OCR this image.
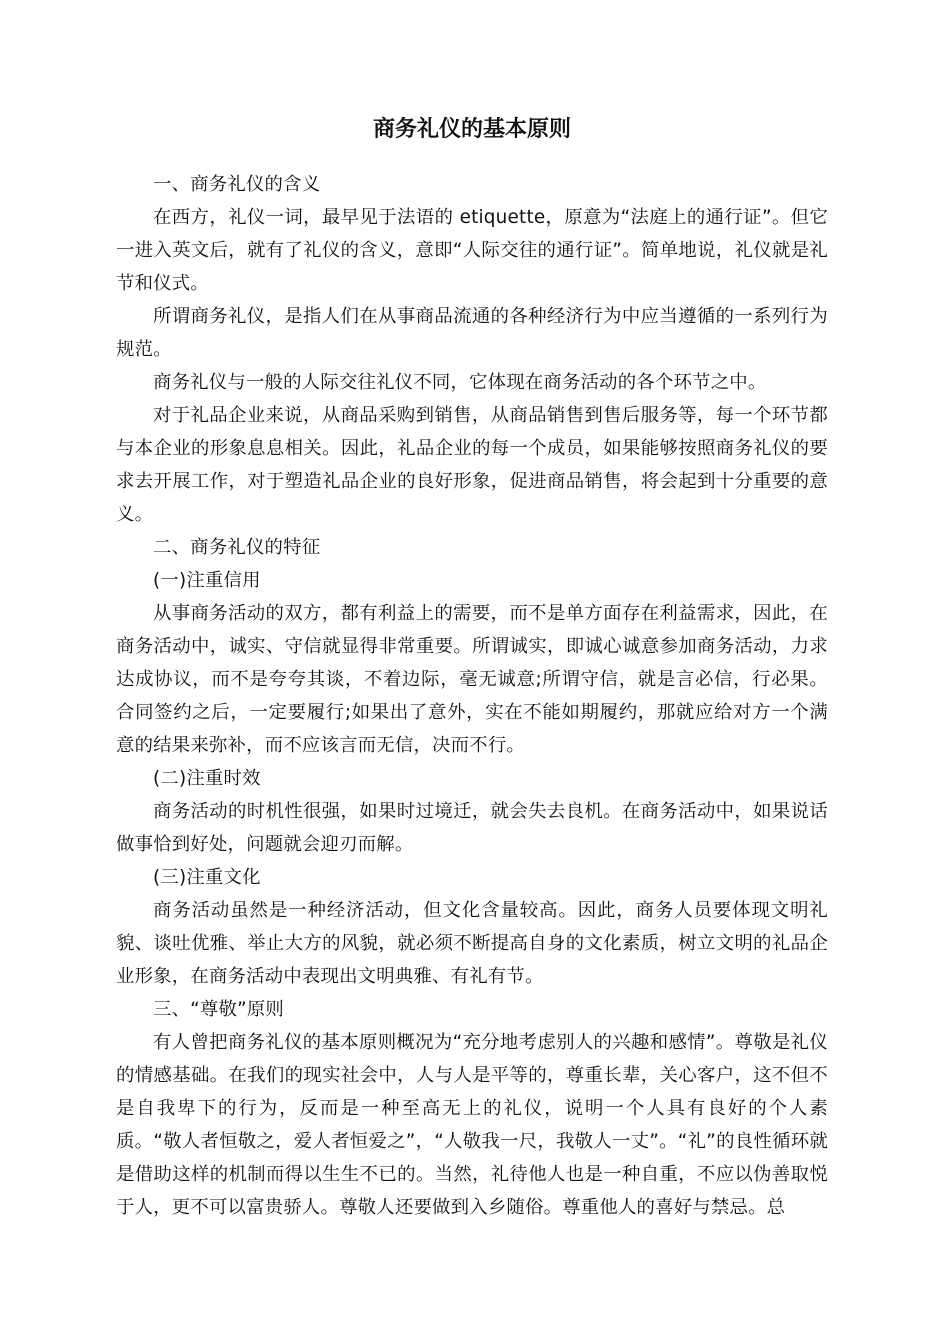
商务礼仪的基本原则

一、商务礼仪的含义

在西方，礼仪一词，最早见于法语的 etiquette，原意为“法庭上的通行证”。但它一进入英文后，就有了礼仪的含义，意即“人际交往的通行证”。简单地说，礼仪就是礼节和仪式。

所谓商务礼仪，是指人们在从事商品流通的各种经济行为中应当遵循的一系列行为规范。

商务礼仪与一般的人际交往礼仪不同，它体现在商务活动的各个环节之中。

对于礼品企业来说，从商品采购到销售，从商品销售到售后服务等，每一个环节都与本企业的形象息息相关。因此，礼品企业的每一个成员，如果能够按照商务礼仪的要求去开展工作，对于塑造礼品企业的良好形象，促进商品销售，将会起到十分重要的意义。

二、商务礼仪的特征

(一)注重信用

从事商务活动的双方，都有利益上的需要，而不是单方面存在利益需求，因此，在商务活动中，诚实、守信就显得非常重要。所谓诚实，即诚心诚意参加商务活动，力求达成协议，而不是夸夸其谈，不着边际，毫无诚意;所谓守信，就是言必信，行必果。合同签约之后，一定要履行;如果出了意外，实在不能如期履约，那就应给对方一个满意的结果来弥补，而不应该言而无信，决而不行。

(二)注重时效

商务活动的时机性很强，如果时过境迁，就会失去良机。在商务活动中，如果说话做事恰到好处，问题就会迎刃而解。

(三)注重文化

商务活动虽然是一种经济活动，但文化含量较高。因此，商务人员要体现文明礼貌、谈吐优雅、举止大方的风貌，就必须不断提高自身的文化素质，树立文明的礼品企业形象，在商务活动中表现出文明典雅、有礼有节。

三、“尊敬”原则

有人曾把商务礼仪的基本原则概况为“充分地考虑别人的兴趣和感情”。尊敬是礼仪的情感基础。在我们的现实社会中，人与人是平等的，尊重长辈，关心客户，这不但不是自我卑下的行为，反而是一种至高无上的礼仪，说明一个人具有良好的个人素质。“敬人者恒敬之，爱人者恒爱之”，“人敬我一尺，我敬人一丈”。“礼”的良性循环就是借助这样的机制而得以生生不已的。当然，礼待他人也是一种自重，不应以伪善取悦于人，更不可以富贵骄人。尊敬人还要做到入乡随俗。尊重他人的喜好与禁忌。总
